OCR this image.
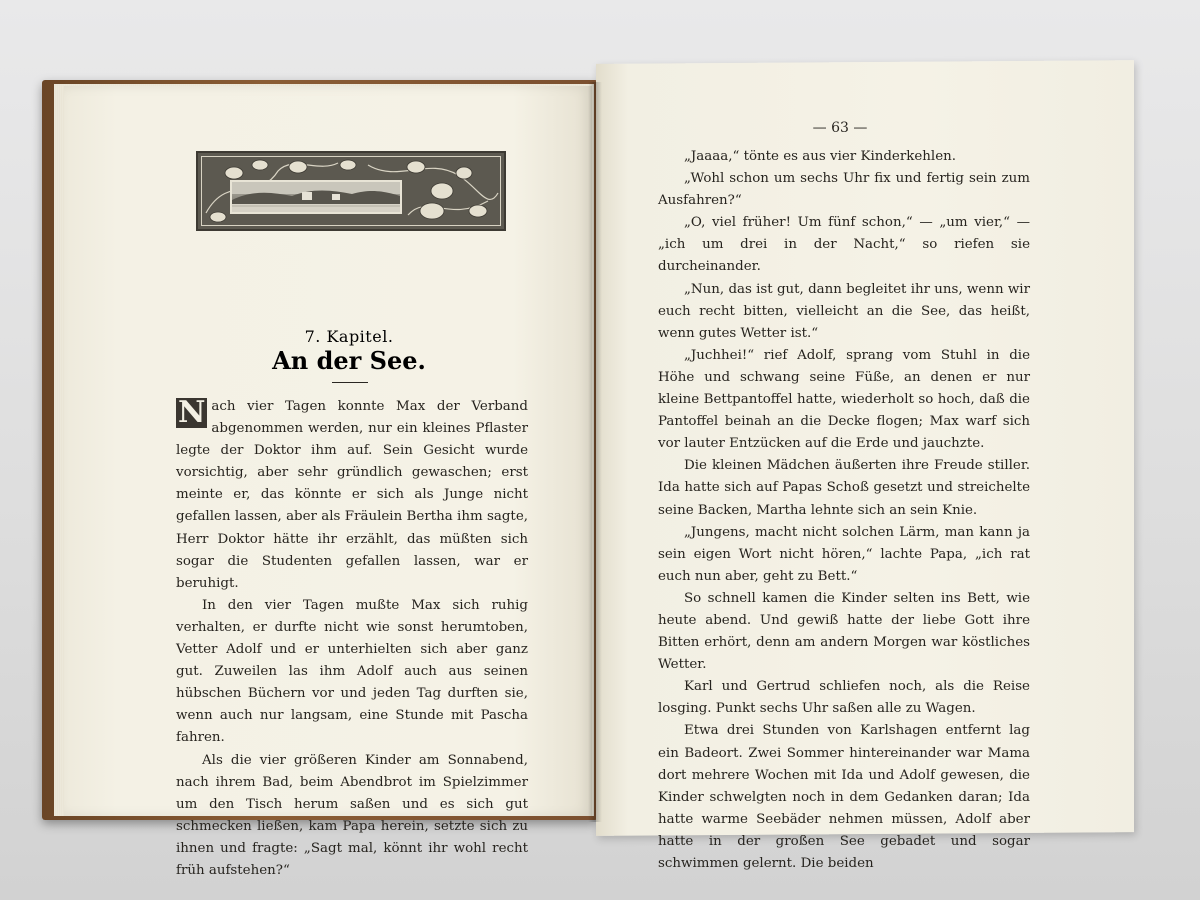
7. Kapitel.
An der See.

N ach vier Tagen konnte Max der Verband abgenommen werden, nur ein kleines Pflaster legte der Doktor ihm auf. Sein Gesicht wurde vorsichtig, aber sehr gründlich gewaschen; erst meinte er, das könnte er sich als Junge nicht gefallen lassen, aber als Fräulein Bertha ihm sagte, Herr Doktor hätte ihr erzählt, das müßten sich sogar die Studenten gefallen lassen, war er beruhigt.

In den vier Tagen mußte Max sich ruhig verhalten, er durfte nicht wie sonst herumtoben, Vetter Adolf und er unterhielten sich aber ganz gut. Zuweilen las ihm Adolf auch aus seinen hübschen Büchern vor und jeden Tag durften sie, wenn auch nur langsam, eine Stunde mit Pascha fahren.

Als die vier größeren Kinder am Sonnabend, nach ihrem Bad, beim Abendbrot im Spielzimmer um den Tisch herum saßen und es sich gut schmecken ließen, kam Papa herein, setzte sich zu ihnen und fragte: „Sagt mal, könnt ihr wohl recht früh aufstehen?“

— 63 —

„Jaaaa,“ tönte es aus vier Kinderkehlen.

„Wohl schon um sechs Uhr fix und fertig sein zum Ausfahren?“

„O, viel früher! Um fünf schon,“ — „um vier,“ — „ich um drei in der Nacht,“ so riefen sie durcheinander.

„Nun, das ist gut, dann begleitet ihr uns, wenn wir euch recht bitten, vielleicht an die See, das heißt, wenn gutes Wetter ist.“

„Juchhei!“ rief Adolf, sprang vom Stuhl in die Höhe und schwang seine Füße, an denen er nur kleine Bettpantoffel hatte, wiederholt so hoch, daß die Pantoffel beinah an die Decke flogen; Max warf sich vor lauter Entzücken auf die Erde und jauchzte.

Die kleinen Mädchen äußerten ihre Freude stiller. Ida hatte sich auf Papas Schoß gesetzt und streichelte seine Backen, Martha lehnte sich an sein Knie.

„Jungens, macht nicht solchen Lärm, man kann ja sein eigen Wort nicht hören,“ lachte Papa, „ich rat euch nun aber, geht zu Bett.“

So schnell kamen die Kinder selten ins Bett, wie heute abend. Und gewiß hatte der liebe Gott ihre Bitten erhört, denn am andern Morgen war köstliches Wetter.

Karl und Gertrud schliefen noch, als die Reise losging. Punkt sechs Uhr saßen alle zu Wagen.

Etwa drei Stunden von Karlshagen entfernt lag ein Badeort. Zwei Sommer hintereinander war Mama dort mehrere Wochen mit Ida und Adolf gewesen, die Kinder schwelgten noch in dem Gedanken daran; Ida hatte warme Seebäder nehmen müssen, Adolf aber hatte in der großen See gebadet und sogar schwimmen gelernt. Die beiden
